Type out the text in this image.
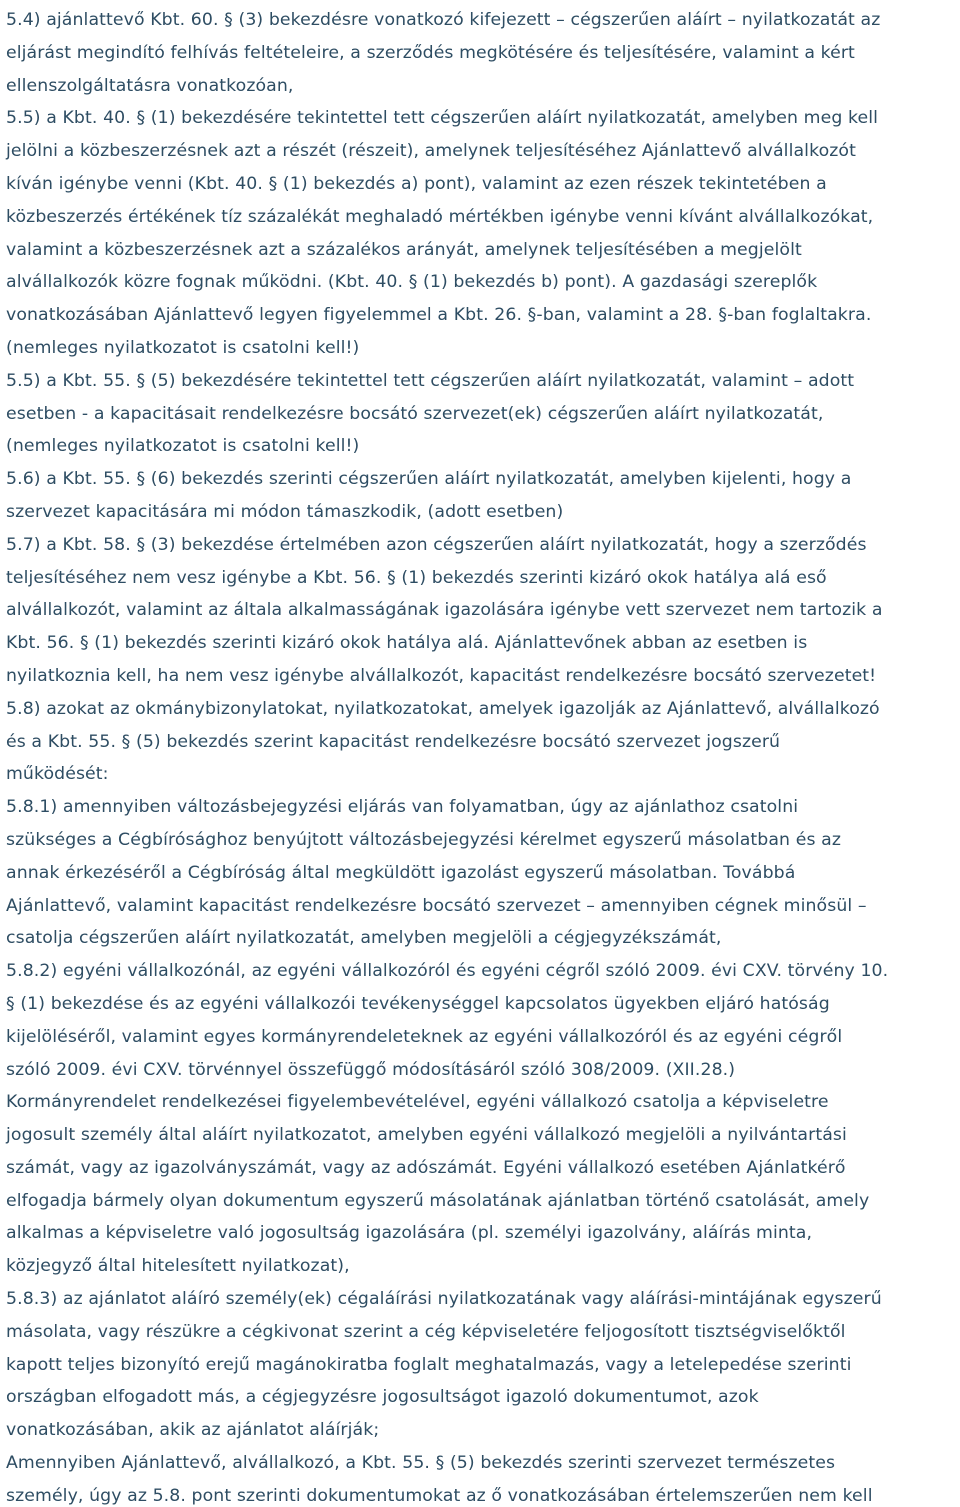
5.4) ajánlattevő Kbt. 60. § (3) bekezdésre vonatkozó kifejezett – cégszerűen aláírt – nyilatkozatát az
eljárást megindító felhívás feltételeire, a szerződés megkötésére és teljesítésére, valamint a kért
ellenszolgáltatásra vonatkozóan,
5.5) a Kbt. 40. § (1) bekezdésére tekintettel tett cégszerűen aláírt nyilatkozatát, amelyben meg kell
jelölni a közbeszerzésnek azt a részét (részeit), amelynek teljesítéséhez Ajánlattevő alvállalkozót
kíván igénybe venni (Kbt. 40. § (1) bekezdés a) pont), valamint az ezen részek tekintetében a
közbeszerzés értékének tíz százalékát meghaladó mértékben igénybe venni kívánt alvállalkozókat,
valamint a közbeszerzésnek azt a százalékos arányát, amelynek teljesítésében a megjelölt
alvállalkozók közre fognak működni. (Kbt. 40. § (1) bekezdés b) pont). A gazdasági szereplők
vonatkozásában Ajánlattevő legyen figyelemmel a Kbt. 26. §-ban, valamint a 28. §-ban foglaltakra.
(nemleges nyilatkozatot is csatolni kell!)
5.5) a Kbt. 55. § (5) bekezdésére tekintettel tett cégszerűen aláírt nyilatkozatát, valamint – adott
esetben - a kapacitásait rendelkezésre bocsátó szervezet(ek) cégszerűen aláírt nyilatkozatát,
(nemleges nyilatkozatot is csatolni kell!)
5.6) a Kbt. 55. § (6) bekezdés szerinti cégszerűen aláírt nyilatkozatát, amelyben kijelenti, hogy a
szervezet kapacitására mi módon támaszkodik, (adott esetben)
5.7) a Kbt. 58. § (3) bekezdése értelmében azon cégszerűen aláírt nyilatkozatát, hogy a szerződés
teljesítéséhez nem vesz igénybe a Kbt. 56. § (1) bekezdés szerinti kizáró okok hatálya alá eső
alvállalkozót, valamint az általa alkalmasságának igazolására igénybe vett szervezet nem tartozik a
Kbt. 56. § (1) bekezdés szerinti kizáró okok hatálya alá. Ajánlattevőnek abban az esetben is
nyilatkoznia kell, ha nem vesz igénybe alvállalkozót, kapacitást rendelkezésre bocsátó szervezetet!
5.8) azokat az okmánybizonylatokat, nyilatkozatokat, amelyek igazolják az Ajánlattevő, alvállalkozó
és a Kbt. 55. § (5) bekezdés szerint kapacitást rendelkezésre bocsátó szervezet jogszerű
működését:
5.8.1) amennyiben változásbejegyzési eljárás van folyamatban, úgy az ajánlathoz csatolni
szükséges a Cégbírósághoz benyújtott változásbejegyzési kérelmet egyszerű másolatban és az
annak érkezéséről a Cégbíróság által megküldött igazolást egyszerű másolatban. Továbbá
Ajánlattevő, valamint kapacitást rendelkezésre bocsátó szervezet – amennyiben cégnek minősül –
csatolja cégszerűen aláírt nyilatkozatát, amelyben megjelöli a cégjegyzékszámát,
5.8.2) egyéni vállalkozónál, az egyéni vállalkozóról és egyéni cégről szóló 2009. évi CXV. törvény 10.
§ (1) bekezdése és az egyéni vállalkozói tevékenységgel kapcsolatos ügyekben eljáró hatóság
kijelöléséről, valamint egyes kormányrendeleteknek az egyéni vállalkozóról és az egyéni cégről
szóló 2009. évi CXV. törvénnyel összefüggő módosításáról szóló 308/2009. (XII.28.)
Kormányrendelet rendelkezései figyelembevételével, egyéni vállalkozó csatolja a képviseletre
jogosult személy által aláírt nyilatkozatot, amelyben egyéni vállalkozó megjelöli a nyilvántartási
számát, vagy az igazolványszámát, vagy az adószámát. Egyéni vállalkozó esetében Ajánlatkérő
elfogadja bármely olyan dokumentum egyszerű másolatának ajánlatban történő csatolását, amely
alkalmas a képviseletre való jogosultság igazolására (pl. személyi igazolvány, aláírás minta,
közjegyző által hitelesített nyilatkozat),
5.8.3) az ajánlatot aláíró személy(ek) cégaláírási nyilatkozatának vagy aláírási-mintájának egyszerű
másolata, vagy részükre a cégkivonat szerint a cég képviseletére feljogosított tisztségviselőktől
kapott teljes bizonyító erejű magánokiratba foglalt meghatalmazás, vagy a letelepedése szerinti
országban elfogadott más, a cégjegyzésre jogosultságot igazoló dokumentumot, azok
vonatkozásában, akik az ajánlatot aláírják;
Amennyiben Ajánlattevő, alvállalkozó, a Kbt. 55. § (5) bekezdés szerinti szervezet természetes
személy, úgy az 5.8. pont szerinti dokumentumokat az ő vonatkozásában értelemszerűen nem kell
